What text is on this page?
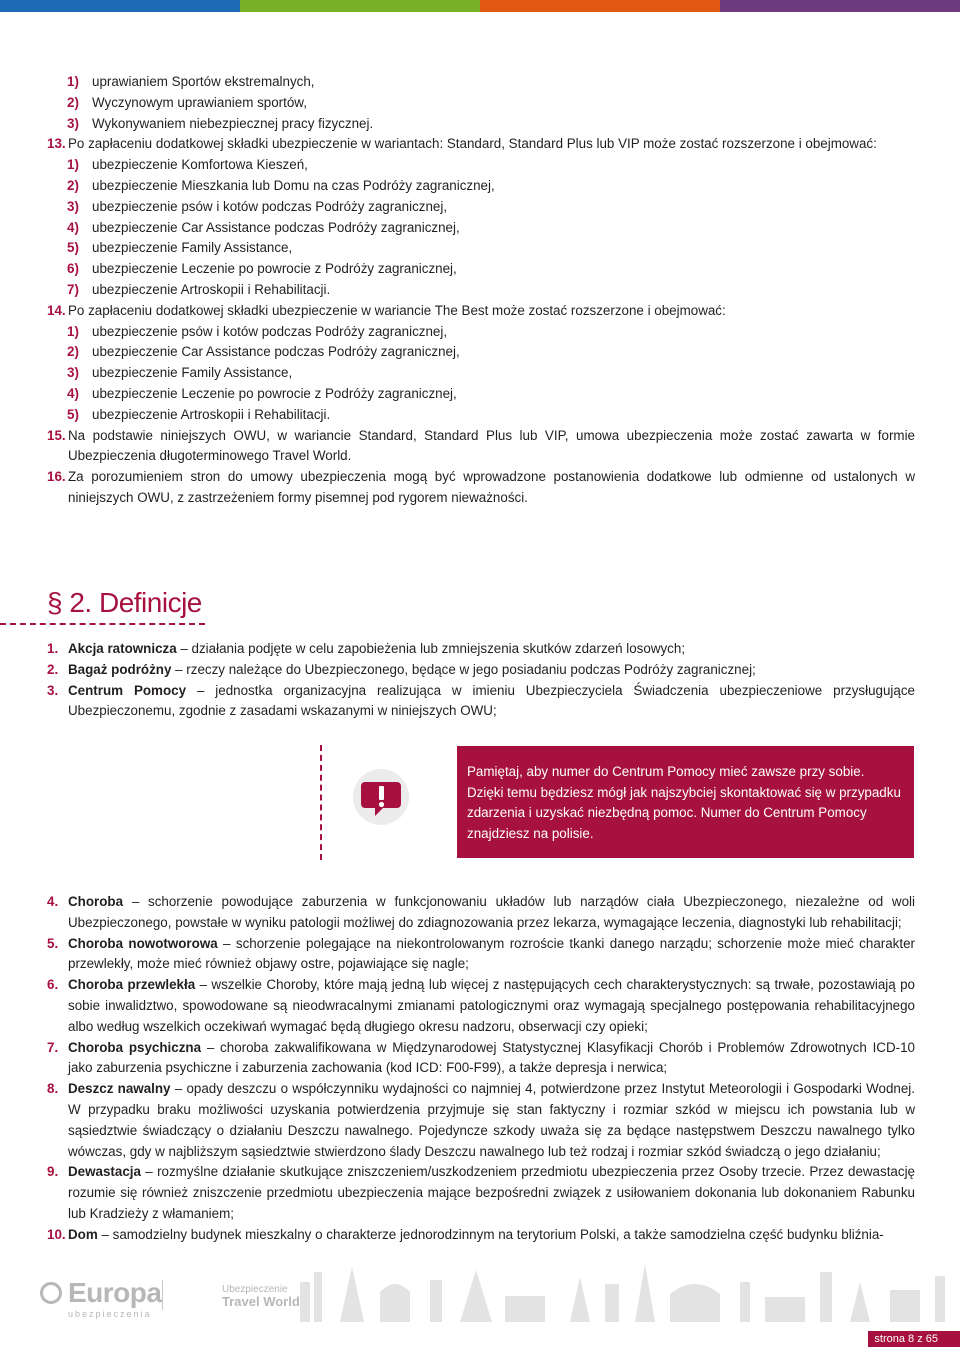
1) uprawianiem Sportów ekstremalnych,
2) Wyczynowym uprawianiem sportów,
3) Wykonywaniem niebezpiecznej pracy fizycznej.
13. Po zapłaceniu dodatkowej składki ubezpieczenie w wariantach: Standard, Standard Plus lub VIP może zostać rozszerzone i obejmować:
1) ubezpieczenie Komfortowa Kieszeń,
2) ubezpieczenie Mieszkania lub Domu na czas Podróży zagranicznej,
3) ubezpieczenie psów i kotów podczas Podróży zagranicznej,
4) ubezpieczenie Car Assistance podczas Podróży zagranicznej,
5) ubezpieczenie Family Assistance,
6) ubezpieczenie Leczenie po powrocie z Podróży zagranicznej,
7) ubezpieczenie Artroskopii i Rehabilitacji.
14. Po zapłaceniu dodatkowej składki ubezpieczenie w wariancie The Best może zostać rozszerzone i obejmować:
1) ubezpieczenie psów i kotów podczas Podróży zagranicznej,
2) ubezpieczenie Car Assistance podczas Podróży zagranicznej,
3) ubezpieczenie Family Assistance,
4) ubezpieczenie Leczenie po powrocie z Podróży zagranicznej,
5) ubezpieczenie Artroskopii i Rehabilitacji.
15. Na podstawie niniejszych OWU, w wariancie Standard, Standard Plus lub VIP, umowa ubezpieczenia może zostać zawarta w formie Ubezpieczenia długoterminowego Travel World.
16. Za porozumieniem stron do umowy ubezpieczenia mogą być wprowadzone postanowienia dodatkowe lub odmienne od ustalonych w niniejszych OWU, z zastrzeżeniem formy pisemnej pod rygorem nieważności.
§ 2. Definicje
1. Akcja ratownicza – działania podjęte w celu zapobieżenia lub zmniejszenia skutków zdarzeń losowych;
2. Bagaż podróżny – rzeczy należące do Ubezpieczonego, będące w jego posiadaniu podczas Podróży zagranicznej;
3. Centrum Pomocy – jednostka organizacyjna realizująca w imieniu Ubezpieczyciela Świadczenia ubezpieczeniowe przysługujące Ubezpieczonemu, zgodnie z zasadami wskazanymi w niniejszych OWU;

Pamiętaj, aby numer do Centrum Pomocy mieć zawsze przy sobie. Dzięki temu będziesz mógł jak najszybciej skontaktować się w przypadku zdarzenia i uzyskać niezbędną pomoc. Numer do Centrum Pomocy znajdziesz na polisie.

4. Choroba – schorzenie powodujące zaburzenia w funkcjonowaniu układów lub narządów ciała Ubezpieczonego, niezależne od woli Ubezpieczonego, powstałe w wyniku patologii możliwej do zdiagnozowania przez lekarza, wymagające leczenia, diagnostyki lub rehabilitacji;
5. Choroba nowotworowa – schorzenie polegające na niekontrolowanym rozroście tkanki danego narządu; schorzenie może mieć charakter przewlekły, może mieć również objawy ostre, pojawiające się nagle;
6. Choroba przewlekła – wszelkie Choroby, które mają jedną lub więcej z następujących cech charakterystycznych: są trwałe, pozostawiają po sobie inwalidztwo, spowodowane są nieodwracalnymi zmianami patologicznymi oraz wymagają specjalnego postępowania rehabilitacyjnego albo według wszelkich oczekiwań wymagać będą długiego okresu nadzoru, obserwacji czy opieki;
7. Choroba psychiczna – choroba zakwalifikowana w Międzynarodowej Statystycznej Klasyfikacji Chorób i Problemów Zdrowotnych ICD-10 jako zaburzenia psychiczne i zaburzenia zachowania (kod ICD: F00-F99), a także depresja i nerwica;
8. Deszcz nawalny – opady deszczu o współczynniku wydajności co najmniej 4, potwierdzone przez Instytut Meteorologii i Gospodarki Wodnej. W przypadku braku możliwości uzyskania potwierdzenia przyjmuje się stan faktyczny i rozmiar szkód w miejscu ich powstania lub w sąsiedztwie świadczący o działaniu Deszczu nawalnego. Pojedyncze szkody uważa się za będące następstwem Deszczu nawalnego tylko wówczas, gdy w najbliższym sąsiedztwie stwierdzono ślady Deszczu nawalnego lub też rodzaj i rozmiar szkód świadczą o jego działaniu;
9. Dewastacja – rozmyślne działanie skutkujące zniszczeniem/uszkodzeniem przedmiotu ubezpieczenia przez Osoby trzecie. Przez dewastację rozumie się również zniszczenie przedmiotu ubezpieczenia mające bezpośredni związek z usiłowaniem dokonania lub dokonaniem Rabunku lub Kradzieży z włamaniem;
10. Dom – samodzielny budynek mieszkalny o charakterze jednorodzinnym na terytorium Polski, a także samodzielna część budynku bliźnia-
Europa
ubezpieczenia
Ubezpieczenie
Travel World
strona 8 z 65
